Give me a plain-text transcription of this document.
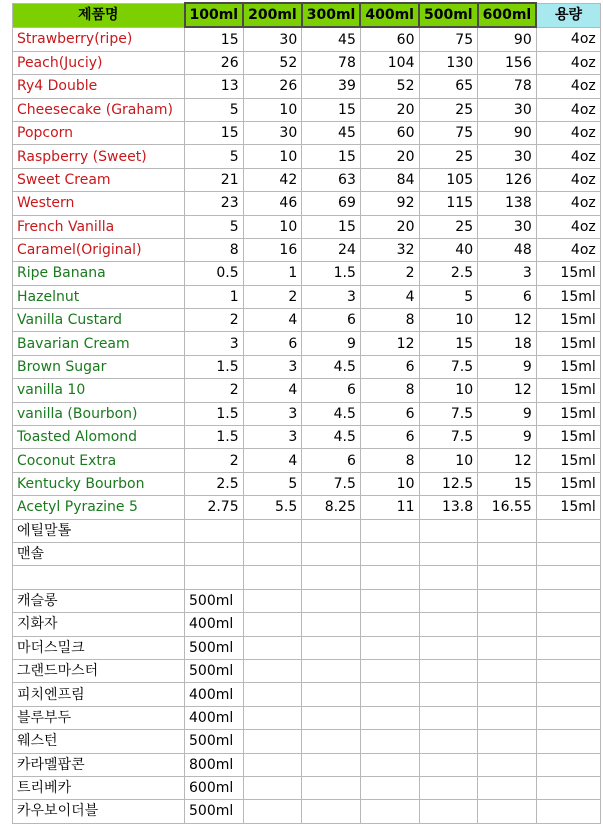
제품명	100ml	200ml	300ml	400ml	500ml	600ml	용량
Strawberry(ripe)	15	30	45	60	75	90	4oz
Peach(Juciy)	26	52	78	104	130	156	4oz
Ry4 Double	13	26	39	52	65	78	4oz
Cheesecake (Graham)	5	10	15	20	25	30	4oz
Popcorn	15	30	45	60	75	90	4oz
Raspberry (Sweet)	5	10	15	20	25	30	4oz
Sweet Cream	21	42	63	84	105	126	4oz
Western	23	46	69	92	115	138	4oz
French Vanilla	5	10	15	20	25	30	4oz
Caramel(Original)	8	16	24	32	40	48	4oz
Ripe Banana	0.5	1	1.5	2	2.5	3	15ml
Hazelnut	1	2	3	4	5	6	15ml
Vanilla Custard	2	4	6	8	10	12	15ml
Bavarian Cream	3	6	9	12	15	18	15ml
Brown Sugar	1.5	3	4.5	6	7.5	9	15ml
vanilla 10	2	4	6	8	10	12	15ml
vanilla (Bourbon)	1.5	3	4.5	6	7.5	9	15ml
Toasted Alomond	1.5	3	4.5	6	7.5	9	15ml
Coconut Extra	2	4	6	8	10	12	15ml
Kentucky Bourbon	2.5	5	7.5	10	12.5	15	15ml
Acetyl Pyrazine 5	2.75	5.5	8.25	11	13.8	16.55	15ml
에틸말톨							
맨솔							

캐슬롱	500ml						
지화자	400ml						
마더스밀크	500ml						
그랜드마스터	500ml						
피치엔프림	400ml						
블루부두	400ml						
웨스턴	500ml						
카라멜팝콘	800ml						
트리베카	600ml						
카우보이더블	500ml						
